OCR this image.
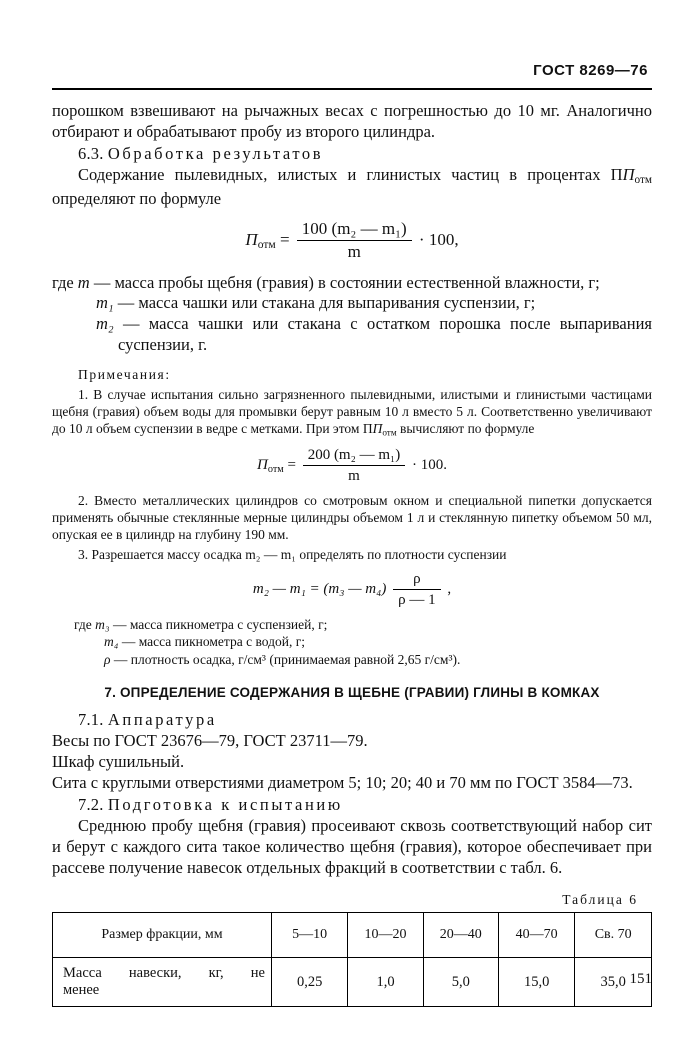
ГОСТ 8269—76

порошком взвешивают на рычажных весах с погрешностью до 10 мг. Аналогично отбирают и обрабатывают пробу из второго цилиндра.

6.3. Обработка результатов

Содержание пылевидных, илистых и глинистых частиц в процентах $ПП_{отм}$ определяют по формуле

$П_{отм} = \frac{\text{100 (m₂ — m₁)}}{m} \cdot 100$,
где m — масса пробы щебня (гравия) в состоянии естественной влажности, г;
m₁ — масса чашки или стакана для выпаривания суспензии, г;
m₂ — масса чашки или стакана с остатком порошка после выпаривания суспензии, г.
Примечания:

1. В случае испытания сильно загрязненного пылевидными, илистыми и глинистыми частицами щебня (гравия) объем воды для промывки берут равным 10 л вместо 5 л. Соответственно увеличивают до 10 л объем суспензии в ведре с метками. При этом $ПП_{отм}$ вычисляют по формуле

$П_{отм} = \frac{\text{200 (m₂ — m₁)}}{m} \cdot 100$.

2. Вместо металлических цилиндров со смотровым окном и специальной пипетки допускается применять обычные стеклянные мерные цилиндры объемом 1 л и стеклянную пипетку объемом 50 мл, опуская ее в цилиндр на глубину 190 мм.

3. Разрешается массу осадка m₂ — m₁ определять по плотности суспензии

m₂ — m₁ = (m₃ — $m_4) \frac{\rho}{\rho — 1}$ ,
где m₃ — масса пикнометра с суспензией, г;
m₄ — масса пикнометра с водой, г;
ρ — плотность осадка, г/см³ (принимаемая равной 2,65 г/см³).
7. ОПРЕДЕЛЕНИЕ СОДЕРЖАНИЯ В ЩЕБНЕ (ГРАВИИ) ГЛИНЫ В КОМКАХ
7.1. Аппаратура

Весы по ГОСТ 23676—79, ГОСТ 23711—79.

Шкаф сушильный.

Сита с круглыми отверстиями диаметром 5; 10; 20; 40 и 70 мм по ГОСТ 3584—73.

7.2. Подготовка к испытанию

Среднюю пробу щебня (гравия) просеивают сквозь соответствующий набор сит и берут с каждого сита такое количество щебня (гравия), которое обеспечивает при рассеве получение навесок отдельных фракций в соответствии с табл. 6.

Таблица 6
Размер фракции, мм	5—10	10—20	20—40	40—70	Св. 70

Масса навески, кг, не
менее	0,25	1,0	5,0	15,0	35,0 151
